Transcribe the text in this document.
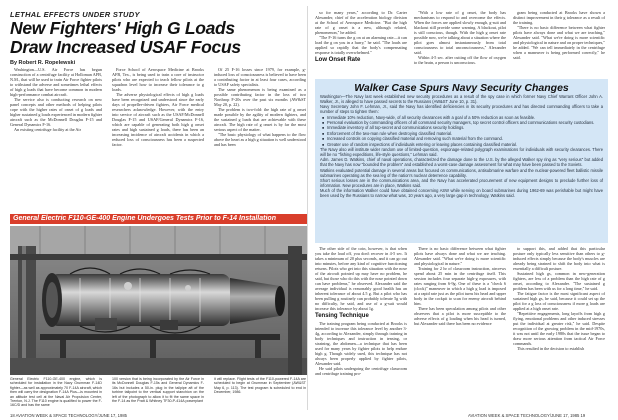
LETHAL EFFECTS UNDER STUDY
New Fighters' High G Loads
Draw Increased USAF Focus
By Robert R. Ropelewski

Washington—U.S. Air Force has begun construction of a centrifuge facility at Holloman AFB, N.M., that will be used to train Air Force fighter pilots to withstand the adverse and sometimes lethal effects of high g loads that have become common in modern high-performance combat aircraft.

The service also is conducting research on new panel concepts and other methods of helping pilots cope with the higher rates of onset of g loads and higher sustained g loads experienced in modern fighter aircraft such as the McDonnell Douglas F-15 and General Dynamics F-16.

An existing centrifuge facility at the Air

Force School of Aerospace Medicine at Brooks AFB, Tex., is being used to train a core of instructor pilots who are expected to teach fellow pilots at the squadron level how to increase their tolerance to g loads.

The adverse physiological effects of high g loads have been recognized and understood since the early days of propeller-driven fighters, Air Force medical researchers acknowledge. However, with the entry into service of aircraft such as the USAF/McDonnell Douglas F-15 and USAF/General Dynamics F-16, which are capable of generating both high g onset rates and high sustained g loads, there has been an increasing incidence of aircraft accidents in which a reduced loss of consciousness has been a suspected factor.

Of 25 F-16 losses since 1979, for example, g-induced loss of consciousness is believed to have been a contributing factor in at least four cases, according to USAF safety specialists.

The same phenomenon is being examined as a possible contributing factor in the loss of two Northrop F-20s over the past six months (AW&ST May 20, p. 22).

The problem is two-fold: the high rate of g onset made possible by the agility of modern fighters, and the sustained g loads that are achievable with these aircraft. The high rate of g onset is by far the most serious aspect of the matter.

"The basic physiology of what happens to the flow above the heart as a high g situation is well understood and has been

General Electric F110-GE-400 Engine Undergoes Tests Prior to F-14 Installation
General Electric F110-GE-400 engine, which is scheduled for installation in the Navy Grumman F-14D fighter—as well as approximately 70 F-14A aircraft, which then will carry the designation F-14A Plus—is mounted in an altitude test cell at the Naval Air Propulsion Center, Trenton, N.J. The F110 engine is qualified to power the F-16C/D and has the same
100 version that is being incorporated by the Air Force in its McDonnell Douglas F-15s and General Dynamics F-16s but includes a 50-in. plug in the tailpipe aft of the turbine tailpoint to the vertical support stanchion on the left of the photograph to allow it to fit the same space in the F-14 as the Pratt & Whitney TF30-P-414A powerplant
it will replace. Flight tests of the F110-powered F-14A are scheduled to begin at Grumman in September (AW&ST May 6, p. 113). The test program is scheduled to end in December, 1986.
18 AVIATION WEEK & SPACE TECHNOLOGY/JUNE 17, 1985

so for many years," according to Dr. Carter Alexander, chief of the acceleration biology division at the School of Aerospace Medicine. "But the high rate of g onset is a new, although related, phenomenon," he added.

"The F-16 turns the g on at an alarming rate—it can load the g on you in a hurry," he said. "The loads are applied so rapidly that the body's compensating response is totally overwhelmed."

Low Onset Rate

"With a low rate of g onset, the body has mechanisms to respond to and overcome the effects. When the forces are applied slowly enough, g-suit and blackout still provide some warning. A blackout, pilot is still conscious, though. With the high g onset rate possible now, we're talking about a situation where the pilot goes almost instantaneously from total consciousness to total unconsciousness," Alexander said.

Within 4-5 sec. after cutting off the flow of oxygen to the brain, a person is unconscious.

gram being conducted at Brooks have shown a distinct improvement in their g tolerance as a result of the training.

"There is no basic difference between what fighter pilots have always done and what we are teaching," Alexander said. "What we're doing is more scientific and physiological in nature and on proper techniques," he added. "We can tell immediately in the centrifuge when a maneuver is being performed correctly," he said.

Walker Case Spurs Navy Security Changes

Washington—The Navy last week established new security procedures as a result of the spy case in which former Navy Chief Warrant Officer John A. Walker, Jr., is alleged to have passed secrets to the Russians (AW&ST June 10, p. 31).

Navy Secretary John F. Lehman, Jr., said the Navy has identified deficiencies in its security procedures and has directed commanding officers to take a number of steps to tighten them:

■ Immediate 10% reduction, Navy-wide, of all security clearances with a goal of a 50% reduction as soon as feasible.

■ Personal evaluation by commanding officers of all command security managers, top secret control officers and communications security custodians.

■ Immediate inventory of all top-secret and communications security holdings.

■ Enforcement of the two-man rule when destroying classified material.

■ Increased controls on copying classified material and removing such material from the command.

■ Greater use of random inspections of individuals entering or leaving places containing classified material.

The Navy also will institute wider random use of limited-question, espionage-related polygraph examinations for individuals with security clearances. There will be no "fishing expeditions, life-style questions," Lehman said.

Adm. James D. Watkins, chief of naval operations, characterized the damage done to the U.S. by the alleged Walker spy ring as "very serious" but added that the Navy has now "bounded the problem" and established a worst-case damage assessment for what may have been passed to the Soviets.

Watkins evaluated potential damage in several areas but focused on communications, antisubmarine warfare and the nuclear-powered fleet ballistic missile submarines operating as the sea leg of the nation's nuclear deterrence capability.

Short serious losses are in the communications area, and the Navy has accelerated procurement of new equipment designs to preclude further loss of information. New procedures are in place, Watkins said.

Much of the information Walker could have obtained concerning ASW while serving on board submarines during 1962-69 was perishable but might have been used by the Russians to narrow what was, 10 years ago, a very large gap in technology, Watkins said.

The other side of the coin, however, is that when you take the load off, you don't recover in 4-5 sec. It takes a minimum of 20 plus seconds, and it can go out into minutes, before any kind of cognitive functioning returns. Pilots who get into this situation with the nose of the aircraft pointed up may have no problem, he said, but those who do this with the nose pointed down can have problems," he observed. Alexander said the average individual is reasonably good health has an inherent tolerance of about 4.5 g. But a pilot who has been pulling g routinely can probably tolerate 5g with no difficulty, he said, and use of a g-suit would increase this tolerance by about 1g.

Tensing Technique

The training program being conducted at Brooks is intended to increase this tolerance level by another 3-4g, according to Alexander, simply through training in body techniques and instruction in tensing, or straining, the abdomen—a technique that has been used for many years by fighter pilots to help endure high g. Though widely used, this technique has not always been properly applied by fighter pilots, Alexander said.

He said pilots undergoing the centrifuge classroom and centrifuge training pro-

There is no basic difference between what fighter pilots have always done and what we are teaching. Alexander said. "What we're doing is more scientific and physiological in nature."

Training for 2 hr of classroom instruction, aircrews spend about 25 min in the centrifuge itself. This session includes four separate high-g exposures, with rates ranging from 6-9g. One of these is a "check 6 (clock)" maneuver in which a high g load is imposed at a rapid rate just as the pilot turns his head and upper body in the cockpit to scan for enemy aircraft behind him.

There has been speculation among pilots and other observers that a pilot is more susceptible to the adverse effects of g loading when his head is turned, but Alexander said there has been no evidence

to support this, and added that this particular posture only typically less sensitive than others to g-induced effects simply because the body's muscles are already being strained to shift the body into what is essentially a difficult posture.

Sustained high gs, common in new-generation fighters, are less of a problem than the high rate of g onset, according to Alexander. "The sustained g problem has been with us for a long time," he said.

The fatigue factor is the most significant aspect of sustained high gs, he said, because it could set up the pilot for a g loss of consciousness if more g loads are applied at a high onset rate.

"Repetitive engagements, long layoffs from high g flying, emotional problems and other induced stresses put the individual at greater risk," he said. Despite recognition of the growing problem in the mid-1970s, it was not until the early 1980s that the issue began to draw more serious attention from tactical Air Force commands.

This resulted in the decision to establish

AVIATION WEEK & SPACE TECHNOLOGY/JUNE 17, 1985 19
